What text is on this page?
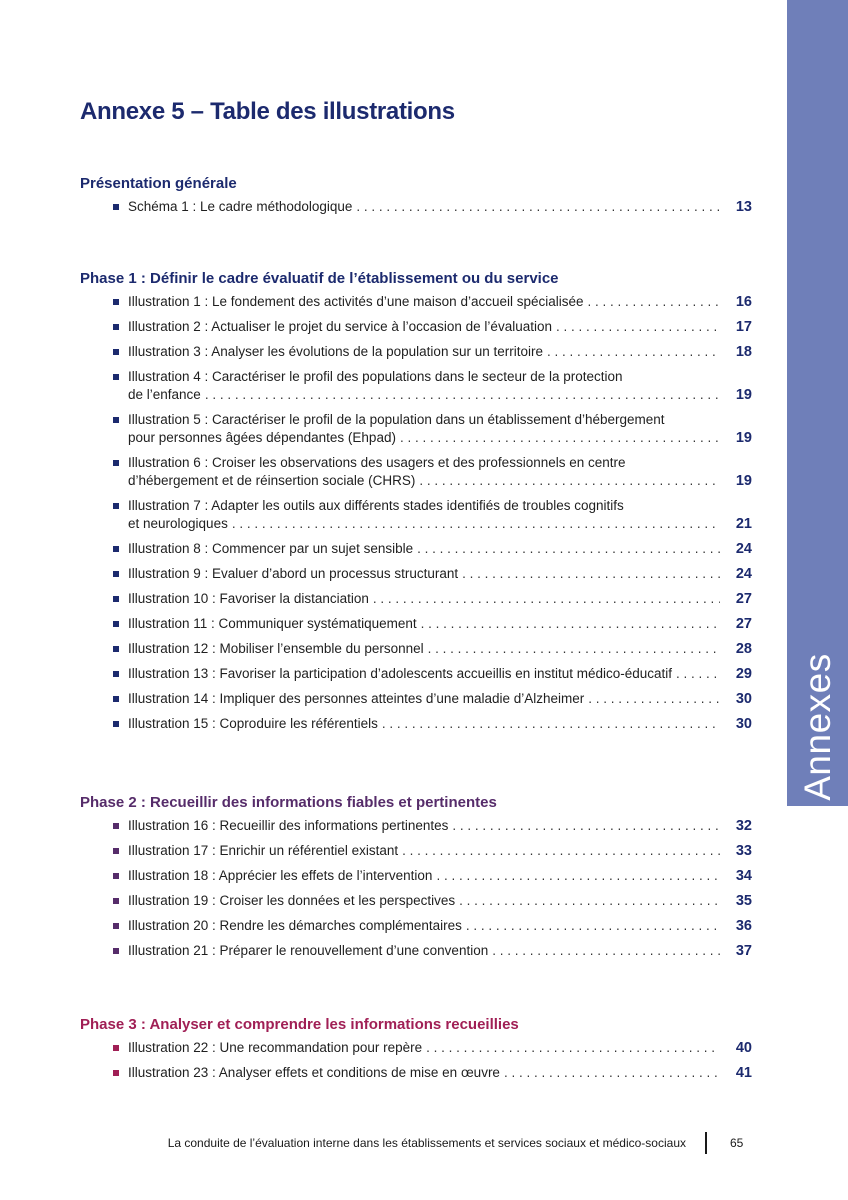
Annexes
Annexe 5 – Table des illustrations
Présentation générale
Schéma 1 : Le cadre méthodologique . . .	13
Phase 1 : Définir le cadre évaluatif de l’établissement ou du service
Illustration 1 : Le fondement des activités d’une maison d’accueil spécialisée . . .	16
Illustration 2 : Actualiser le projet du service à l’occasion de l’évaluation . . .	17
Illustration 3 : Analyser les évolutions de la population sur un territoire . . .	18
Illustration 4 : Caractériser le profil des populations dans le secteur de la protection
de l’enfance . . .	19
Illustration 5 : Caractériser le profil de la population dans un établissement d’hébergement
pour personnes âgées dépendantes (Ehpad) . . .	19
Illustration 6 : Croiser les observations des usagers et des professionnels en centre
d’hébergement et de réinsertion sociale (CHRS) . . .	19
Illustration 7 : Adapter les outils aux différents stades identifiés de troubles cognitifs
et neurologiques . . .	21
Illustration 8 : Commencer par un sujet sensible . . .	24
Illustration 9 : Evaluer d’abord un processus structurant . . .	24
Illustration 10 : Favoriser la distanciation . . .	27
Illustration 11 : Communiquer systématiquement . . .	27
Illustration 12 : Mobiliser l’ensemble du personnel . . .	28
Illustration 13 : Favoriser la participation d’adolescents accueillis en institut médico-éducatif . . .	29
Illustration 14 : Impliquer des personnes atteintes d’une maladie d’Alzheimer . . .	30
Illustration 15 : Coproduire les référentiels . . .	30
Phase 2 : Recueillir des informations fiables et pertinentes
Illustration 16 : Recueillir des informations pertinentes . . .	32
Illustration 17 : Enrichir un référentiel existant . . .	33
Illustration 18 : Apprécier les effets de l’intervention . . .	34
Illustration 19 : Croiser les données et les perspectives . . .	35
Illustration 20 : Rendre les démarches complémentaires . . .	36
Illustration 21 : Préparer le renouvellement d’une convention . . .	37
Phase 3 : Analyser et comprendre les informations recueillies
Illustration 22 : Une recommandation pour repère . . .	40
Illustration 23 : Analyser effets et conditions de mise en œuvre . . .	41
La conduite de l’évaluation interne dans les établissements et services sociaux et médico-sociaux	65
